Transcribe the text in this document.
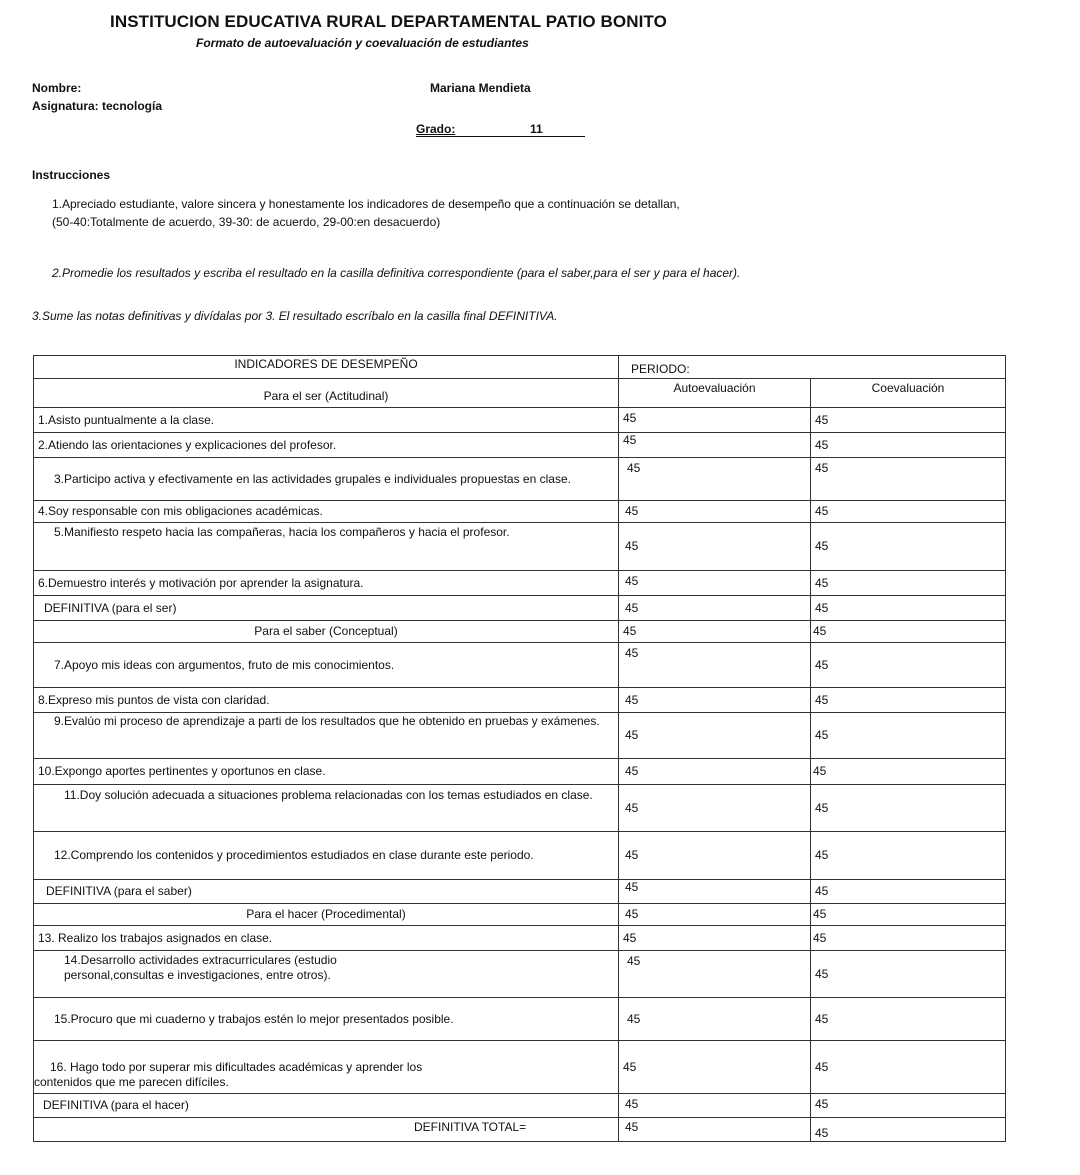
INSTITUCION EDUCATIVA RURAL DEPARTAMENTAL PATIO BONITO
Formato de autoevaluación y coevaluación de estudiantes
Nombre:	Mariana Mendieta
Asignatura: tecnología
Grado:	11
Instrucciones
1.Apreciado estudiante, valore sincera y honestamente los indicadores de desempeño que a continuación se detallan,
(50-40:Totalmente de acuerdo, 39-30: de acuerdo, 29-00:en desacuerdo)
2.Promedie los resultados y escriba el resultado en la casilla definitiva correspondiente (para el saber,para el ser y para el hacer).
3.Sume las notas definitivas y divídalas por 3. El resultado escríbalo en la casilla final DEFINITIVA.
INDICADORES DE DESEMPEÑO	PERIODO:	
Para el ser (Actitudinal)	Autoevaluación	Coevaluación
1.Asisto puntualmente a la clase.	45	45
2.Atiendo las orientaciones y explicaciones del profesor.	45	45
3.Participo activa y efectivamente en las actividades grupales e individuales propuestas en clase.	45	45
4.Soy responsable con mis obligaciones académicas.	45	45
5.Manifiesto respeto hacia las compañeras, hacia los compañeros y hacia el profesor.	45	45
6.Demuestro interés y motivación por aprender la asignatura.	45	45
DEFINITIVA (para el ser)	45	45
Para el saber (Conceptual)	45	45
7.Apoyo mis ideas con argumentos, fruto de mis conocimientos.	45	45
8.Expreso mis puntos de vista con claridad.	45	45
9.Evalúo mi proceso de aprendizaje a parti de los resultados que he obtenido en pruebas y exámenes.	45	45
10.Expongo aportes pertinentes y oportunos en clase.	45	45
11.Doy solución adecuada a situaciones problema relacionadas con los temas estudiados en clase.	45	45
12.Comprendo los contenidos y procedimientos estudiados en clase durante este periodo.	45	45
DEFINITIVA (para el saber)	45	45
Para el hacer (Procedimental)	45	45
13. Realizo los trabajos asignados en clase.	45	45
14.Desarrollo actividades extracurriculares (estudio personal,consultas e investigaciones, entre otros).	45	45
15.Procuro que mi cuaderno y trabajos estén lo mejor presentados posible.	45	45
16. Hago todo por superar mis dificultades académicas y aprender los contenidos que me parecen difíciles.	45	45
DEFINITIVA (para el hacer)	45	45
DEFINITIVA TOTAL=	45	45
